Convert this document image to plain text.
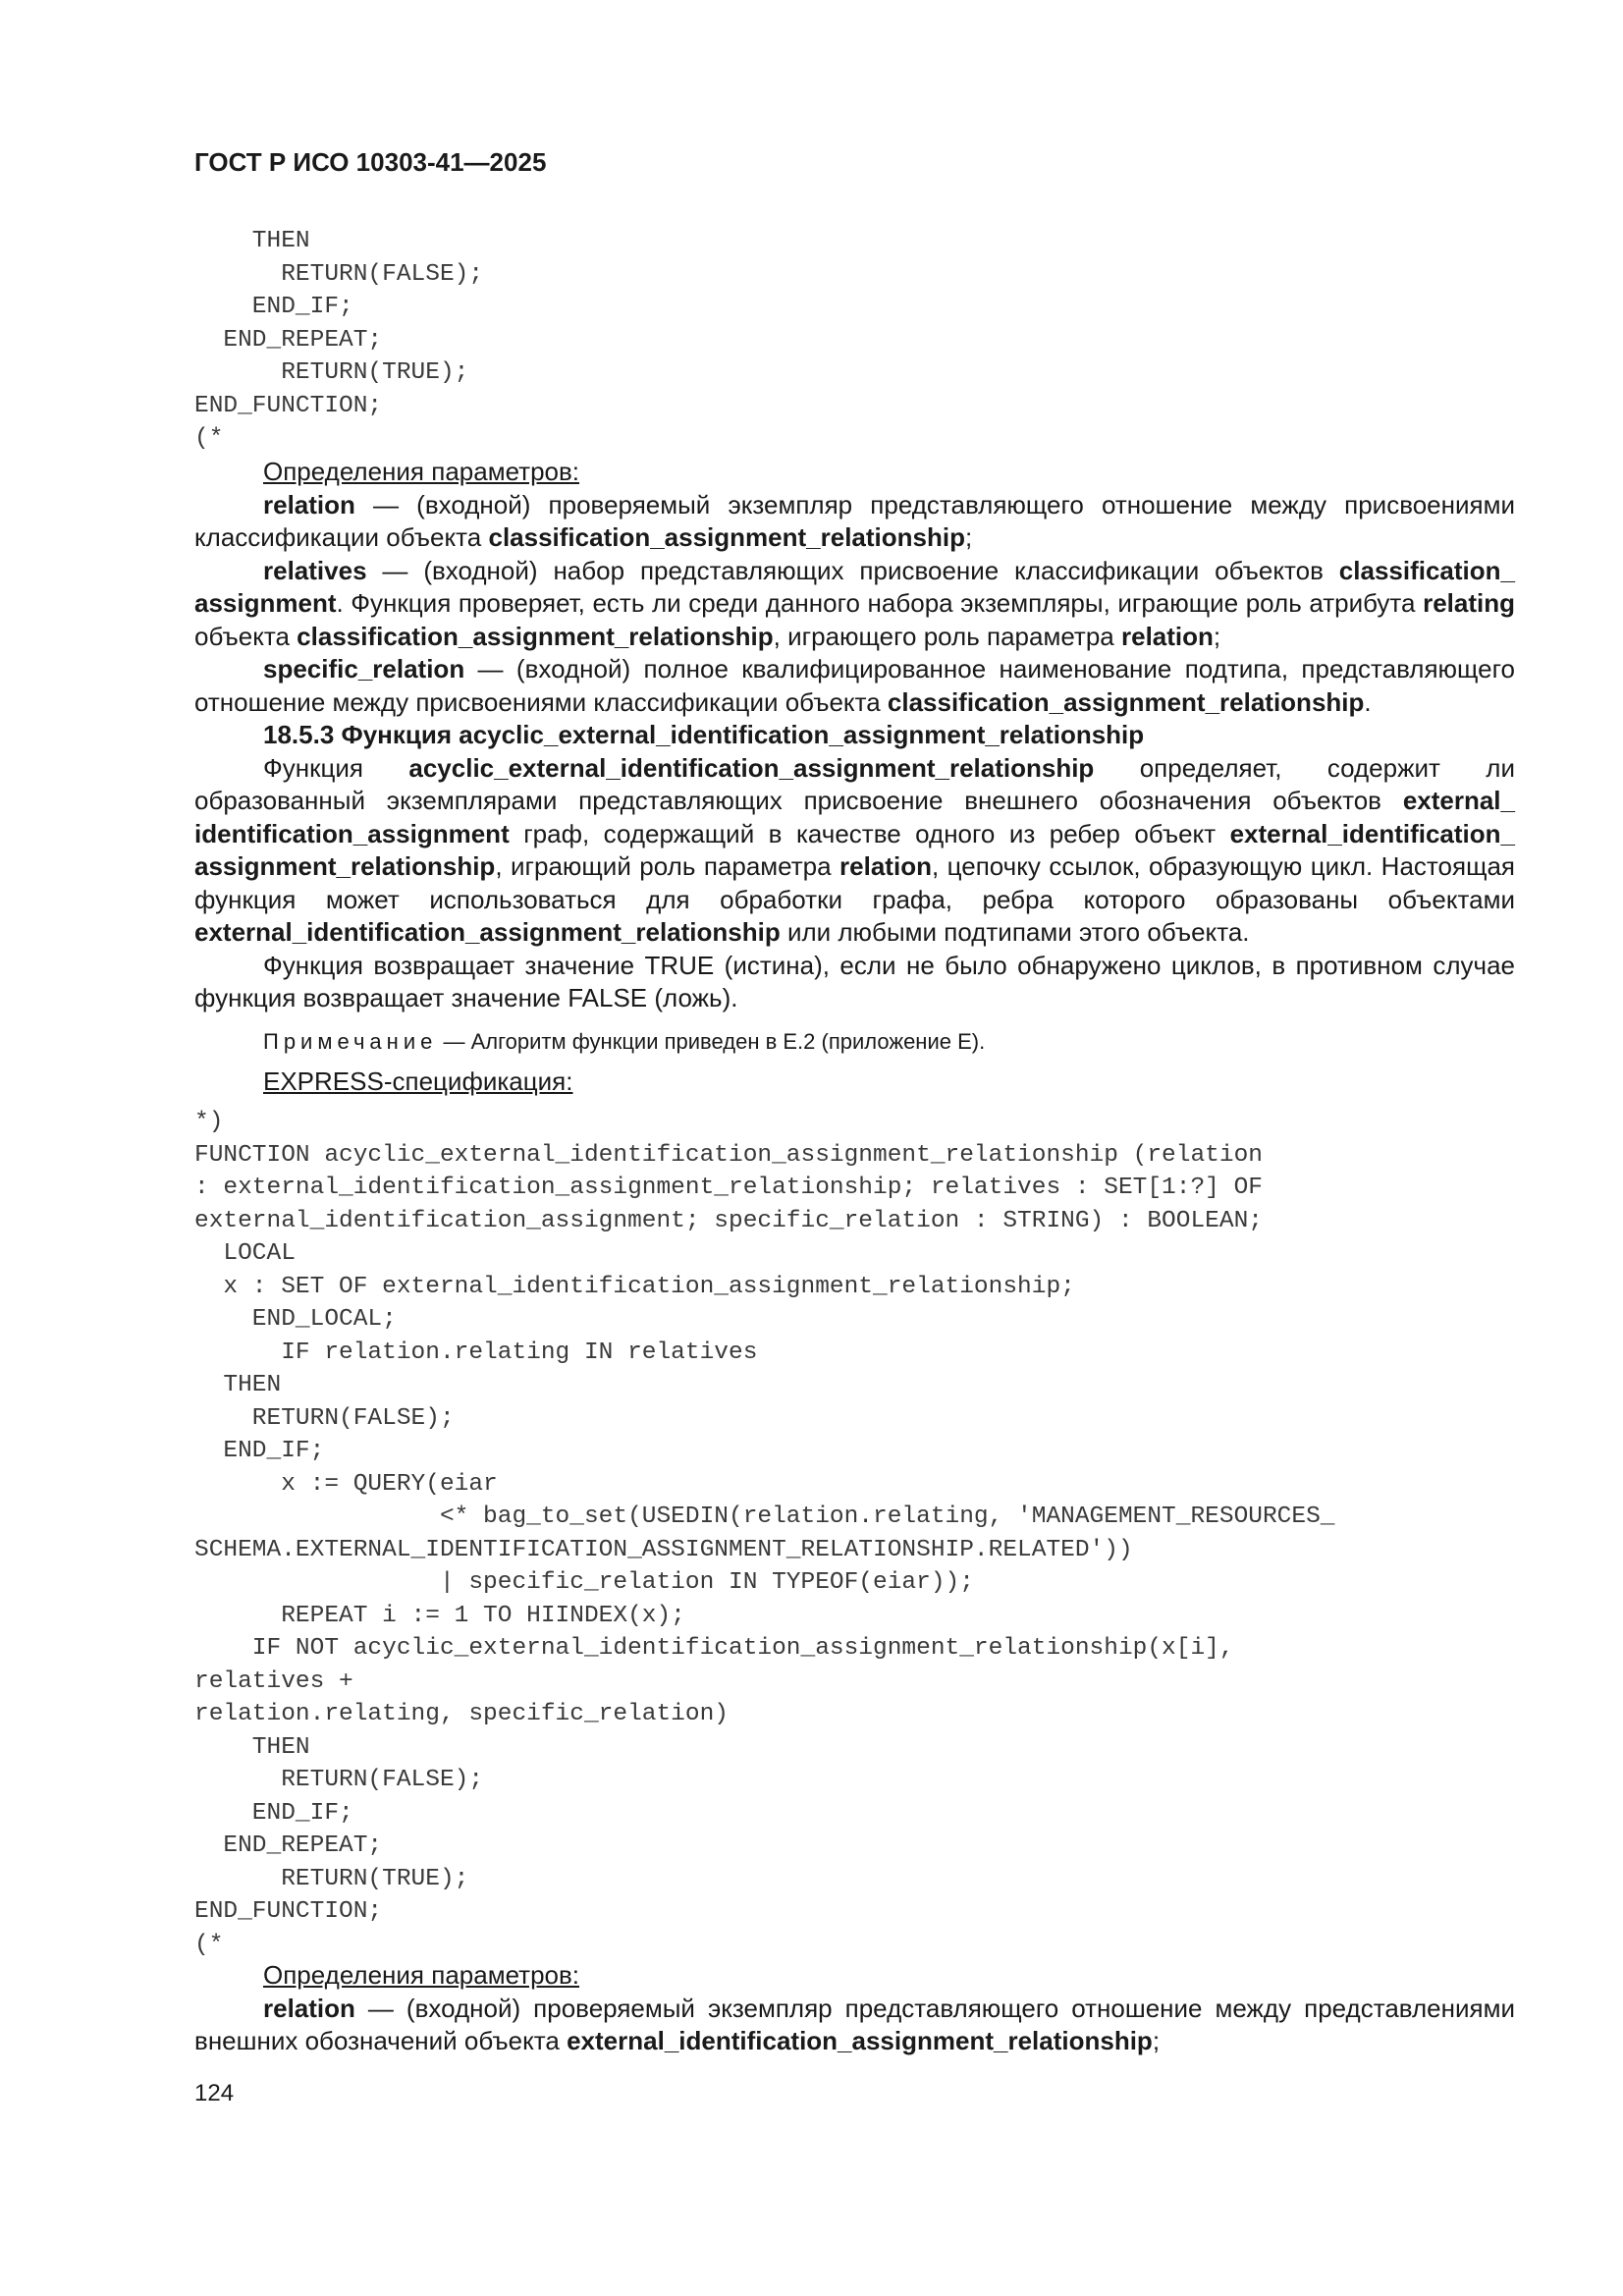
ГОСТ Р ИСО 10303-41—2025
THEN
RETURN(FALSE);
END_IF;
END_REPEAT;
RETURN(TRUE);
END_FUNCTION;
(*

Определения параметров:

relation — (входной) проверяемый экземпляр представляющего отношение между присвоениями классификации объекта classification_assignment_relationship;

relatives — (входной) набор представляющих присвоение классификации объектов classification_ assignment. Функция проверяет, есть ли среди данного набора экземпляры, играющие роль атрибута relating объекта classification_assignment_relationship, играющего роль параметра relation;

specific_relation — (входной) полное квалифицированное наименование подтипа, представляющего отношение между присвоениями классификации объекта classification_assignment_relationship.

18.5.3 Функция acyclic_external_identification_assignment_relationship

Функция acyclic_external_identification_assignment_relationship определяет, содержит ли образованный экземплярами представляющих присвоение внешнего обозначения объектов external_ identification_assignment граф, содержащий в качестве одного из ребер объект external_identification_ assignment_relationship, играющий роль параметра relation, цепочку ссылок, образующую цикл. Настоящая функция может использоваться для обработки графа, ребра которого образованы объектами external_identification_assignment_relationship или любыми подтипами этого объекта.

Функция возвращает значение TRUE (истина), если не было обнаружено циклов, в противном случае функция возвращает значение FALSE (ложь).

Примечание — Алгоритм функции приведен в Е.2 (приложение Е).

EXPRESS-спецификация:

*)
FUNCTION acyclic_external_identification_assignment_relationship (relation
: external_identification_assignment_relationship; relatives : SET[1:?] OF
external_identification_assignment; specific_relation : STRING) : BOOLEAN;
LOCAL
x : SET OF external_identification_assignment_relationship;
END_LOCAL;
IF relation.relating IN relatives
THEN
RETURN(FALSE);
END_IF;
x := QUERY(eiar
<* bag_to_set(USEDIN(relation.relating, 'MANAGEMENT_RESOURCES_
SCHEMA.EXTERNAL_IDENTIFICATION_ASSIGNMENT_RELATIONSHIP.RELATED'))
| specific_relation IN TYPEOF(eiar));
REPEAT i := 1 TO HIINDEX(x);
IF NOT acyclic_external_identification_assignment_relationship(x[i],
relatives +
relation.relating, specific_relation)
THEN
RETURN(FALSE);
END_IF;
END_REPEAT;
RETURN(TRUE);
END_FUNCTION;
(*

Определения параметров:

relation — (входной) проверяемый экземпляр представляющего отношение между представлениями внешних обозначений объекта external_identification_assignment_relationship;

124
